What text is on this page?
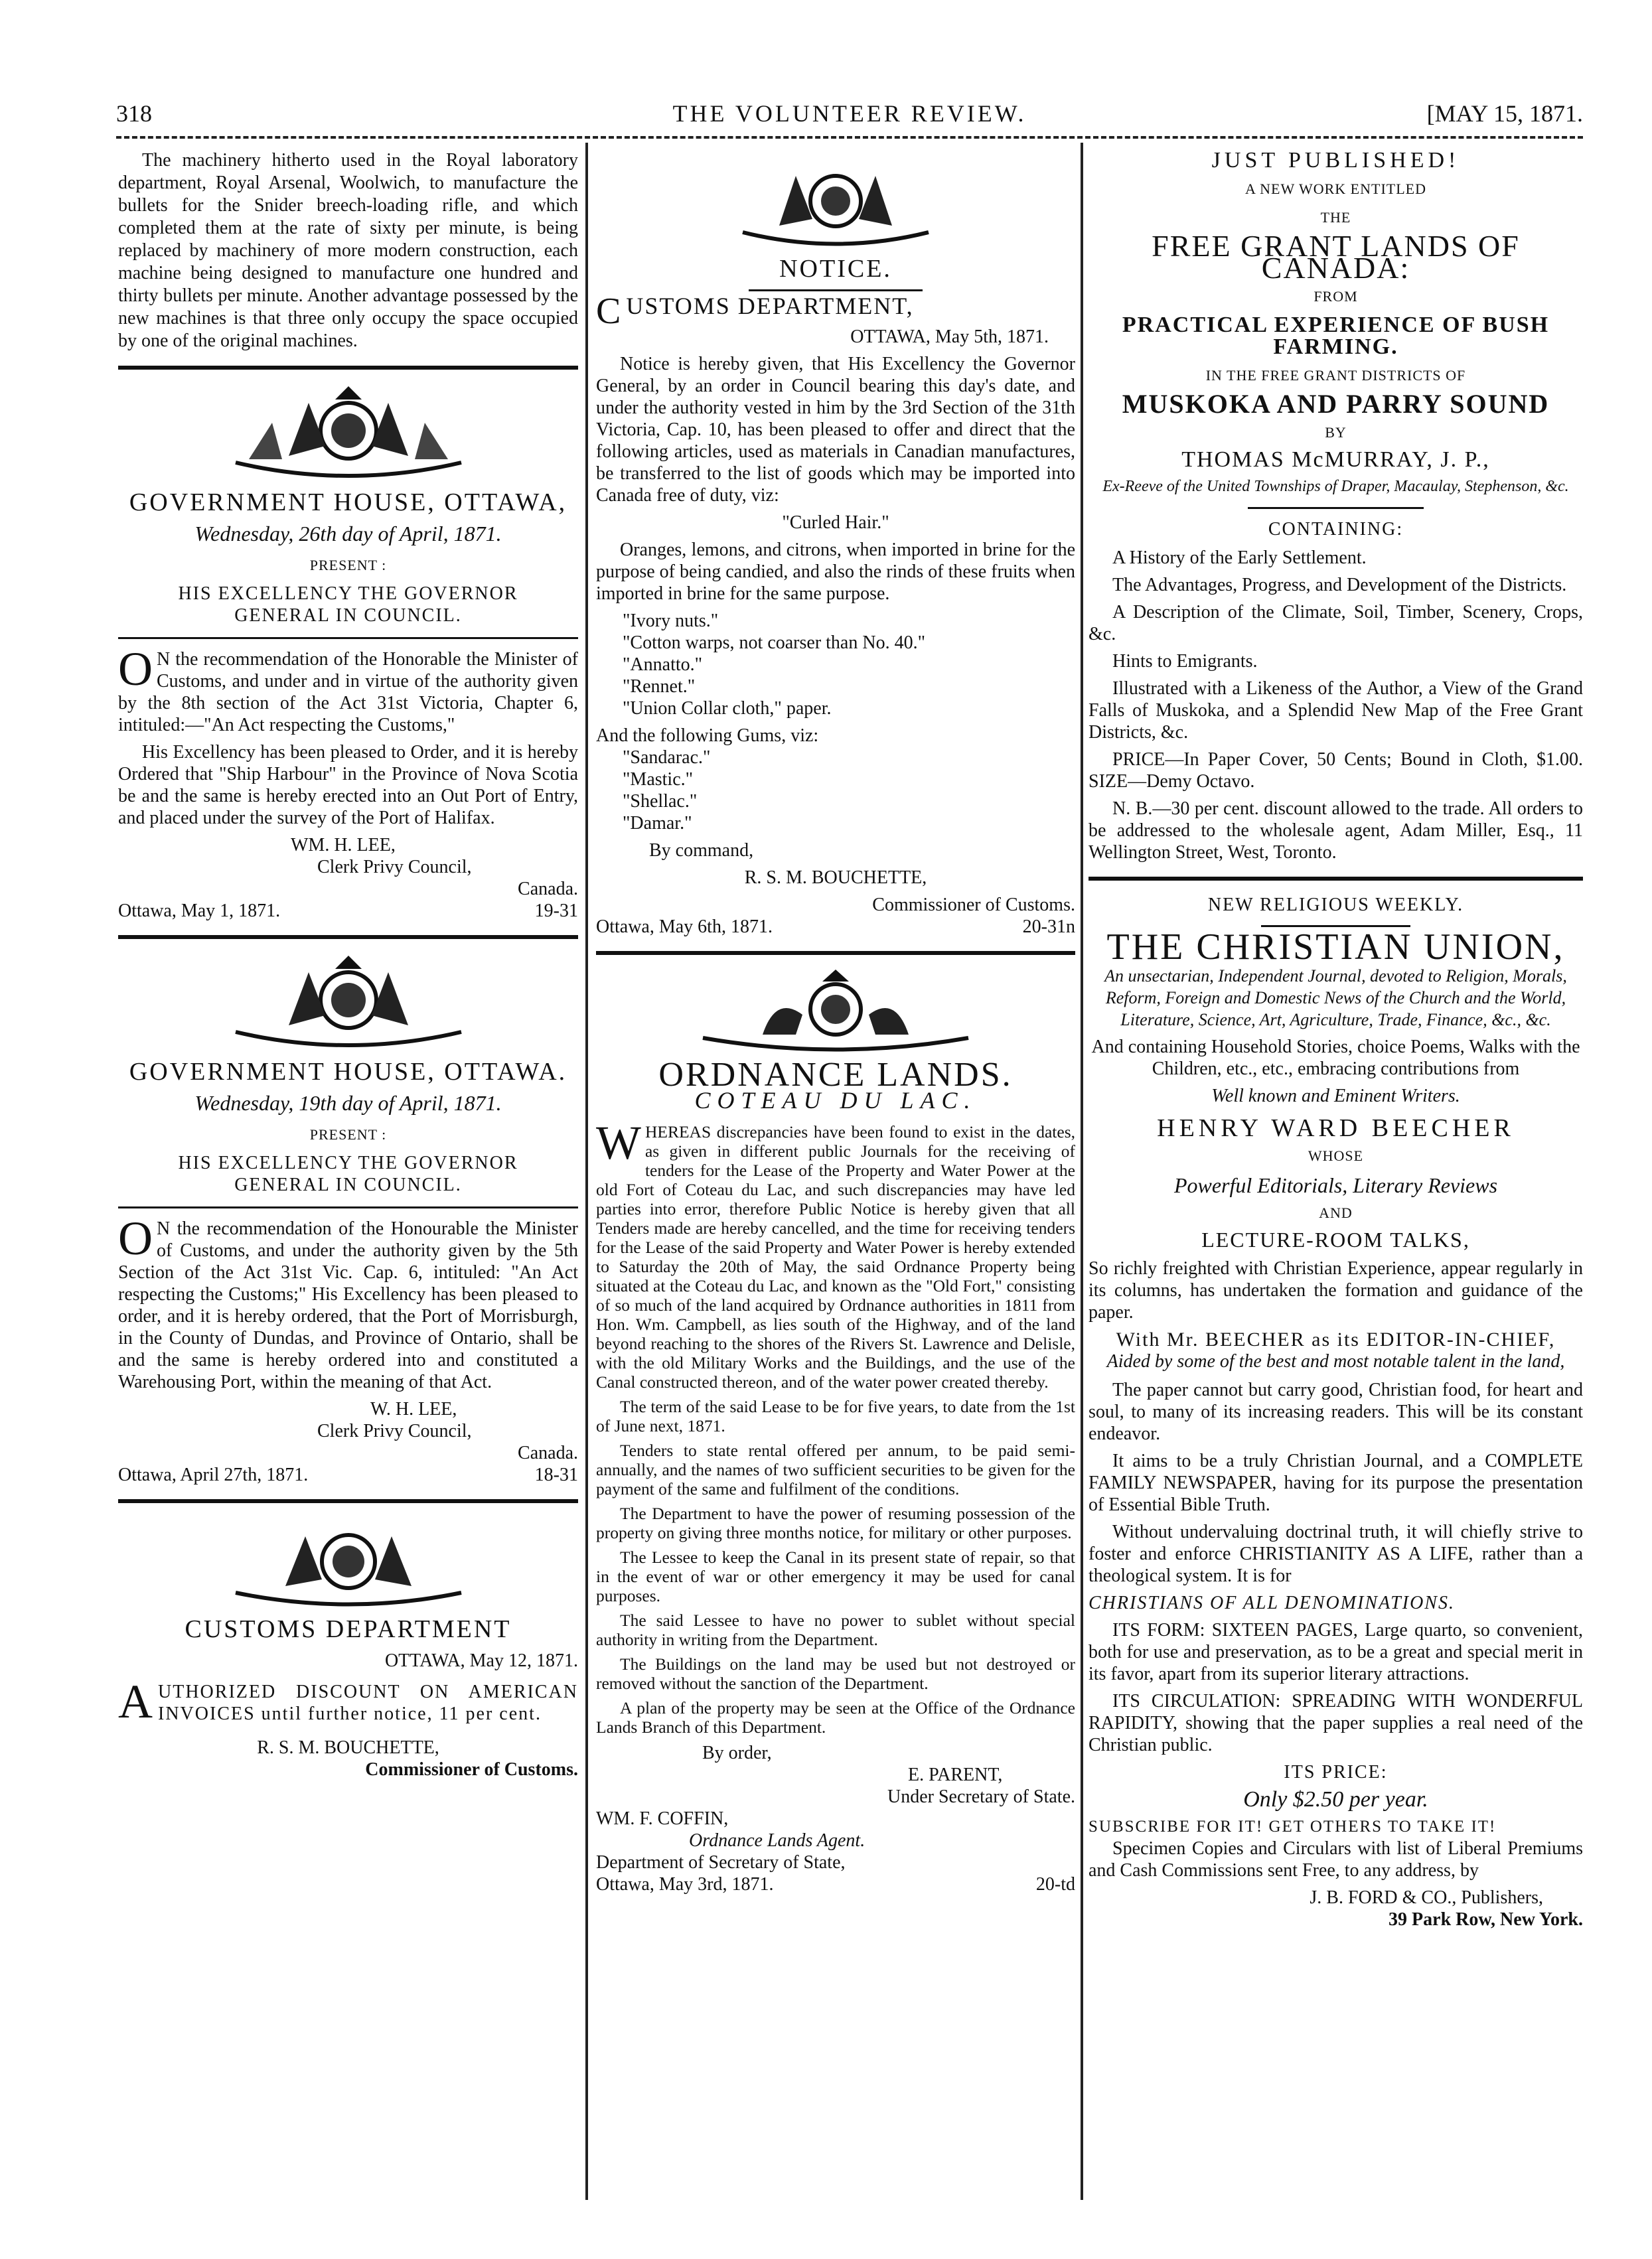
318	THE VOLUNTEER REVIEW.	[MAY 15, 1871.

The machinery hitherto used in the Royal laboratory department, Royal Arsenal, Woolwich, to manufacture the bullets for the Snider breech-loading rifle, and which completed them at the rate of sixty per minute, is being replaced by machinery of more modern construction, each machine being designed to manufacture one hundred and thirty bullets per minute. Another advantage possessed by the new machines is that three only occupy the space occupied by one of the original machines.

GOVERNMENT HOUSE, OTTAWA,
Wednesday, 26th day of April, 1871.
PRESENT :
HIS EXCELLENCY THE GOVERNOR GENERAL IN COUNCIL.

O N the recommendation of the Honorable the Minister of Customs, and under and in virtue of the authority given by the 8th section of the Act 31st Victoria, Chapter 6, intituled:—"An Act respecting the Customs,"

His Excellency has been pleased to Order, and it is hereby Ordered that "Ship Harbour" in the Province of Nova Scotia be and the same is hereby erected into an Out Port of Entry, and placed under the survey of the Port of Halifax.

WM. H. LEE,
Clerk Privy Council,
Canada.
Ottawa, May 1, 1871.	19-31
GOVERNMENT HOUSE, OTTAWA.
Wednesday, 19th day of April, 1871.
PRESENT :
HIS EXCELLENCY THE GOVERNOR GENERAL IN COUNCIL.

O N the recommendation of the Honourable the Minister of Customs, and under the authority given by the 5th Section of the Act 31st Vic. Cap. 6, intituled: "An Act respecting the Customs;" His Excellency has been pleased to order, and it is hereby ordered, that the Port of Morrisburgh, in the County of Dundas, and Province of Ontario, shall be and the same is hereby ordered into and constituted a Warehousing Port, within the meaning of that Act.

W. H. LEE,
Clerk Privy Council,
Canada.
Ottawa, April 27th, 1871.	18-31
CUSTOMS DEPARTMENT
OTTAWA, May 12, 1871.

AUTHORIZED DISCOUNT ON AMERICAN INVOICES until further notice, 11 per cent.

R. S. M. BOUCHETTE,
Commissioner of Customs.
NOTICE.
CUSTOMS DEPARTMENT,
OTTAWA, May 5th, 1871.

Notice is hereby given, that His Excellency the Governor General, by an order in Council bearing this day's date, and under the authority vested in him by the 3rd Section of the 31th Victoria, Cap. 10, has been pleased to offer and direct that the following articles, used as materials in Canadian manufactures, be transferred to the list of goods which may be imported into Canada free of duty, viz:

"Curled Hair."

Oranges, lemons, and citrons, when imported in brine for the purpose of being candied, and also the rinds of these fruits when imported in brine for the same purpose.

"Ivory nuts."
"Cotton warps, not coarser than No. 40."
"Annatto."
"Rennet."
"Union Collar cloth," paper.
And the following Gums, viz:
"Sandarac."
"Mastic."
"Shellac."
"Damar."
By command,
R. S. M. BOUCHETTE,
Commissioner of Customs.
Ottawa, May 6th, 1871.	20-31n
ORDNANCE LANDS.
COTEAU DU LAC.

WHEREAS discrepancies have been found to exist in the dates, as given in different public Journals for the receiving of tenders for the Lease of the Property and Water Power at the old Fort of Coteau du Lac, and such discrepancies may have led parties into error, therefore Public Notice is hereby given that all Tenders made are hereby cancelled, and the time for receiving tenders for the Lease of the said Property and Water Power is hereby extended to Saturday the 20th of May, the said Ordnance Property being situated at the Coteau du Lac, and known as the "Old Fort," consisting of so much of the land acquired by Ordnance authorities in 1811 from Hon. Wm. Campbell, as lies south of the Highway, and of the land beyond reaching to the shores of the Rivers St. Lawrence and Delisle, with the old Military Works and the Buildings, and the use of the Canal constructed thereon, and of the water power created thereby.

The term of the said Lease to be for five years, to date from the 1st of June next, 1871.

Tenders to state rental offered per annum, to be paid semi-annually, and the names of two sufficient securities to be given for the payment of the same and fulfilment of the conditions.

The Department to have the power of resuming possession of the property on giving three months notice, for military or other purposes.

The Lessee to keep the Canal in its present state of repair, so that in the event of war or other emergency it may be used for canal purposes.

The said Lessee to have no power to sublet without special authority in writing from the Department.

The Buildings on the land may be used but not destroyed or removed without the sanction of the Department.

A plan of the property may be seen at the Office of the Ordnance Lands Branch of this Department.

By order,
E. PARENT,
Under Secretary of State.
WM. F. COFFIN,
Ordnance Lands Agent.
Department of Secretary of State,
Ottawa, May 3rd, 1871.	20-td
JUST PUBLISHED!
A NEW WORK ENTITLED
THE
FREE GRANT LANDS OF CANADA:
FROM
PRACTICAL EXPERIENCE OF BUSH FARMING.
IN THE FREE GRANT DISTRICTS OF
MUSKOKA AND PARRY SOUND
BY
THOMAS McMURRAY, J. P.,
Ex-Reeve of the United Townships of Draper, Macaulay, Stephenson, &c.
CONTAINING:

A History of the Early Settlement.

The Advantages, Progress, and Development of the Districts.

A Description of the Climate, Soil, Timber, Scenery, Crops, &c.

Hints to Emigrants.

Illustrated with a Likeness of the Author, a View of the Grand Falls of Muskoka, and a Splendid New Map of the Free Grant Districts, &c.

PRICE—In Paper Cover, 50 Cents; Bound in Cloth, $1.00. SIZE—Demy Octavo.

N. B.—30 per cent. discount allowed to the trade. All orders to be addressed to the wholesale agent, Adam Miller, Esq., 11 Wellington Street, West, Toronto.

NEW RELIGIOUS WEEKLY.
THE CHRISTIAN UNION,

An unsectarian, Independent Journal, devoted to Religion, Morals, Reform, Foreign and Domestic News of the Church and the World, Literature, Science, Art, Agriculture, Trade, Finance, &c., &c.

And containing Household Stories, choice Poems, Walks with the Children, etc., etc., embracing contributions from

Well known and Eminent Writers.
HENRY WARD BEECHER
WHOSE
Powerful Editorials, Literary Reviews
AND
LECTURE-ROOM TALKS,

So richly freighted with Christian Experience, appear regularly in its columns, has undertaken the formation and guidance of the paper.

With Mr. BEECHER as its EDITOR-IN-CHIEF,
Aided by some of the best and most notable talent in the land,

The paper cannot but carry good, Christian food, for heart and soul, to many of its increasing readers. This will be its constant endeavor.

It aims to be a truly Christian Journal, and a COMPLETE FAMILY NEWSPAPER, having for its purpose the presentation of Essential Bible Truth.

Without undervaluing doctrinal truth, it will chiefly strive to foster and enforce CHRISTIANITY AS A LIFE, rather than a theological system. It is for

CHRISTIANS OF ALL DENOMINATIONS.

ITS FORM: SIXTEEN PAGES, Large quarto, so convenient, both for use and preservation, as to be a great and special merit in its favor, apart from its superior literary attractions.

ITS CIRCULATION: SPREADING WITH WONDERFUL RAPIDITY, showing that the paper supplies a real need of the Christian public.

ITS PRICE:
Only $2.50 per year.
SUBSCRIBE FOR IT! GET OTHERS TO TAKE IT!

Specimen Copies and Circulars with list of Liberal Premiums and Cash Commissions sent Free, to any address, by

J. B. FORD & CO., Publishers,
39 Park Row, New York.
